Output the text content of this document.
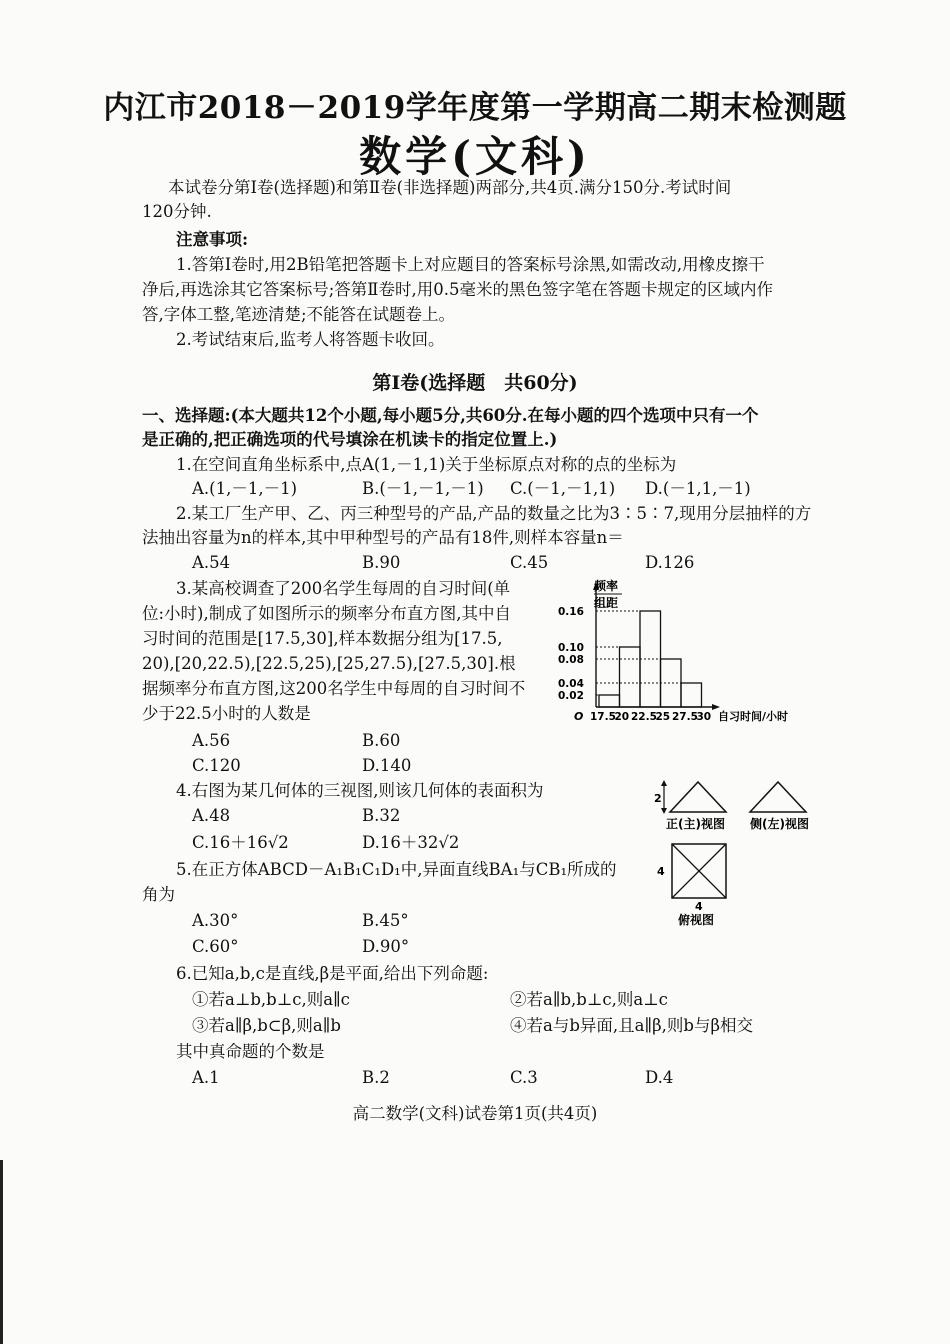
内江市2018－2019学年度第一学期高二期末检测题
数学(文科)
本试卷分第Ⅰ卷(选择题)和第Ⅱ卷(非选择题)两部分,共4页.满分150分.考试时间
120分钟.
注意事项:
1.答第Ⅰ卷时,用2B铅笔把答题卡上对应题目的答案标号涂黑,如需改动,用橡皮擦干
净后,再选涂其它答案标号;答第Ⅱ卷时,用0.5毫米的黑色签字笔在答题卡规定的区域内作
答,字体工整,笔迹清楚;不能答在试题卷上。
2.考试结束后,监考人将答题卡收回。
第Ⅰ卷(选择题　共60分)
一、选择题:(本大题共12个小题,每小题5分,共60分.在每小题的四个选项中只有一个
是正确的,把正确选项的代号填涂在机读卡的指定位置上.)
1.在空间直角坐标系中,点A(1,－1,1)关于坐标原点对称的点的坐标为
A.(1,－1,－1)	B.(－1,－1,－1) C.(－1,－1,1) D.(－1,1,－1)
2.某工厂生产甲、乙、丙三种型号的产品,产品的数量之比为3∶5∶7,现用分层抽样的方
法抽出容量为n的样本,其中甲种型号的产品有18件,则样本容量n＝
A.54	B.90	C.45	D.126
3.某高校调查了200名学生每周的自习时间(单
位:小时),制成了如图所示的频率分布直方图,其中自
习时间的范围是[17.5,30],样本数据分组为[17.5,
20),[20,22.5),[22.5,25),[25,27.5),[27.5,30].根
据频率分布直方图,这200名学生中每周的自习时间不
少于22.5小时的人数是
A.56	B.60
C.120	D.140
频率
组距
O	自习时间/小时
0.16
0.10
0.08
0.04
0.02
17.5
20 22.5
25 27.5
30
4.右图为某几何体的三视图,则该几何体的表面积为
A.48	B.32
C.16＋16√2	D.16＋32√2
2
正(主)视图 侧(左)视图
4
4
俯视图
5.在正方体ABCD－A₁B₁C₁D₁中,异面直线BA₁与CB₁所成的
角为
A.30°	B.45°
C.60°	D.90°
6.已知a,b,c是直线,β是平面,给出下列命题:
①若a⊥b,b⊥c,则a∥c	②若a∥b,b⊥c,则a⊥c
③若a∥β,b⊂β,则a∥b	④若a与b异面,且a∥β,则b与β相交
其中真命题的个数是
A.1	B.2	C.3	D.4
高二数学(文科)试卷第1页(共4页)
